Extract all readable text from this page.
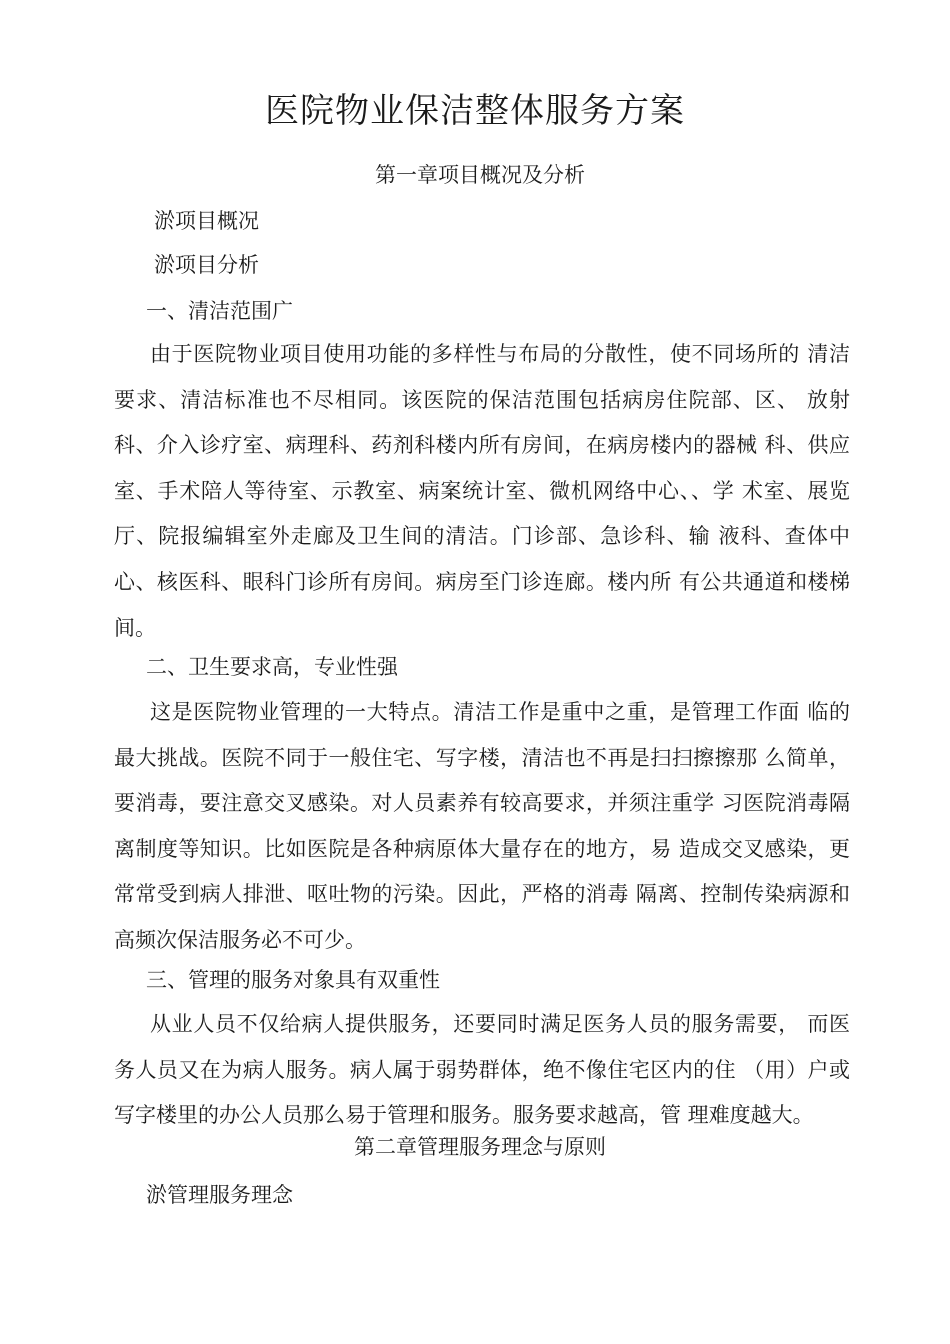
医院物业保洁整体服务方案
第一章项目概况及分析

淤项目概况

淤项目分析

一、清洁范围广

由于医院物业项目使用功能的多样性与布局的分散性，使不同场所的 清洁
要求、清洁标准也不尽相同。该医院的保洁范围包括病房住院部、区、 放射
科、介入诊疗室、病理科、药剂科楼内所有房间，在病房楼内的器械 科、供应
室、手术陪人等待室、示教室、病案统计室、微机网络中心、、学 术室、展览
厅、院报编辑室外走廊及卫生间的清洁。门诊部、急诊科、输 液科、查体中
心、核医科、眼科门诊所有房间。病房至门诊连廊。楼内所 有公共通道和楼梯
间。

二、卫生要求高，专业性强

这是医院物业管理的一大特点。清洁工作是重中之重，是管理工作面 临的
最大挑战。医院不同于一般住宅、写字楼，清洁也不再是扫扫擦擦那 么简单，
要消毒，要注意交叉感染。对人员素养有较高要求，并须注重学 习医院消毒隔
离制度等知识。比如医院是各种病原体大量存在的地方，易 造成交叉感染，更
常常受到病人排泄、呕吐物的污染。因此，严格的消毒 隔离、控制传染病源和
高频次保洁服务必不可少。

三、管理的服务对象具有双重性

从业人员不仅给病人提供服务，还要同时满足医务人员的服务需要， 而医
务人员又在为病人服务。病人属于弱势群体，绝不像住宅区内的住 （用）户或
写字楼里的办公人员那么易于管理和服务。服务要求越高，管 理难度越大。
第二章管理服务理念与原则

淤管理服务理念
